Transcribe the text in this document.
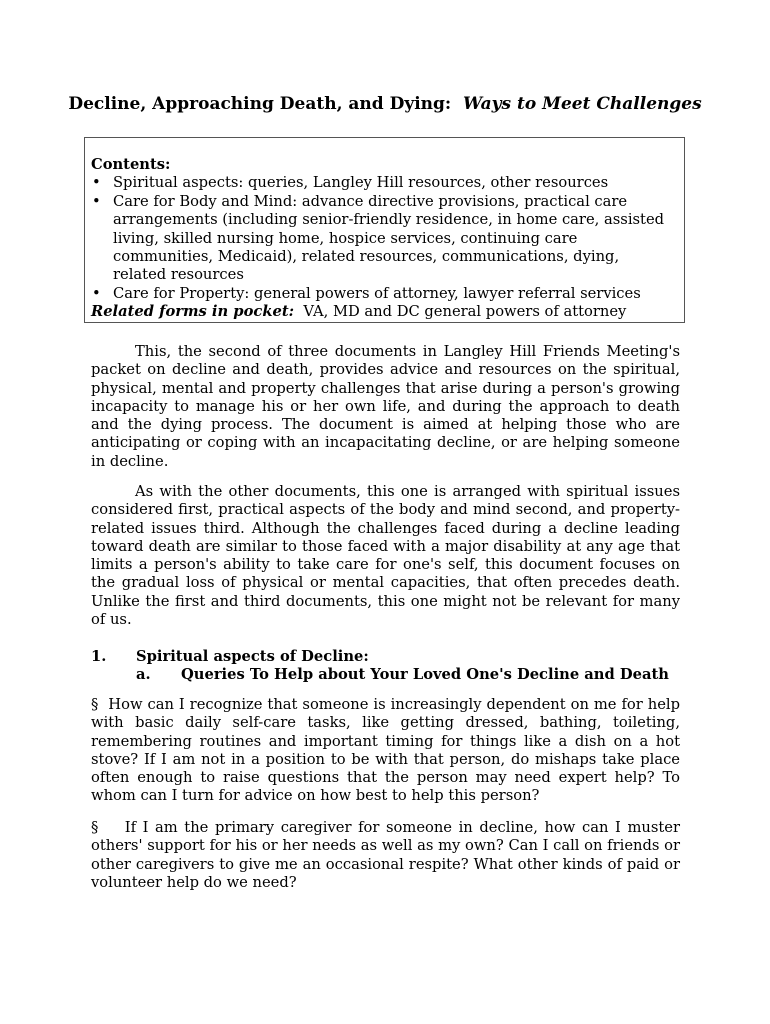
Decline, Approaching Death, and Dying: Ways to Meet Challenges
Contents:
• Spiritual aspects: queries, Langley Hill resources, other resources
• Care for Body and Mind: advance directive provisions, practical care arrangements (including senior-friendly residence, in home care, assisted living, skilled nursing home, hospice services, continuing care communities, Medicaid), related resources, communications, dying, related resources
• Care for Property: general powers of attorney, lawyer referral services
Related forms in pocket: VA, MD and DC general powers of attorney

This, the second of three documents in Langley Hill Friends Meeting's packet on decline and death, provides advice and resources on the spiritual, physical, mental and property challenges that arise during a person's growing incapacity to manage his or her own life, and during the approach to death and the dying process. The document is aimed at helping those who are anticipating or coping with an incapacitating decline, or are helping someone in decline.

As with the other documents, this one is arranged with spiritual issues considered first, practical aspects of the body and mind second, and property-related issues third. Although the challenges faced during a decline leading toward death are similar to those faced with a major disability at any age that limits a person's ability to take care for one's self, this document focuses on the gradual loss of physical or mental capacities, that often precedes death. Unlike the first and third documents, this one might not be relevant for many of us.

1. Spiritual aspects of Decline:
a. Queries To Help about Your Loved One's Decline and Death

§ How can I recognize that someone is increasingly dependent on me for help with basic daily self-care tasks, like getting dressed, bathing, toileting, remembering routines and important timing for things like a dish on a hot stove? If I am not in a position to be with that person, do mishaps take place often enough to raise questions that the person may need expert help? To whom can I turn for advice on how best to help this person?

§ If I am the primary caregiver for someone in decline, how can I muster others' support for his or her needs as well as my own? Can I call on friends or other caregivers to give me an occasional respite? What other kinds of paid or volunteer help do we need?
